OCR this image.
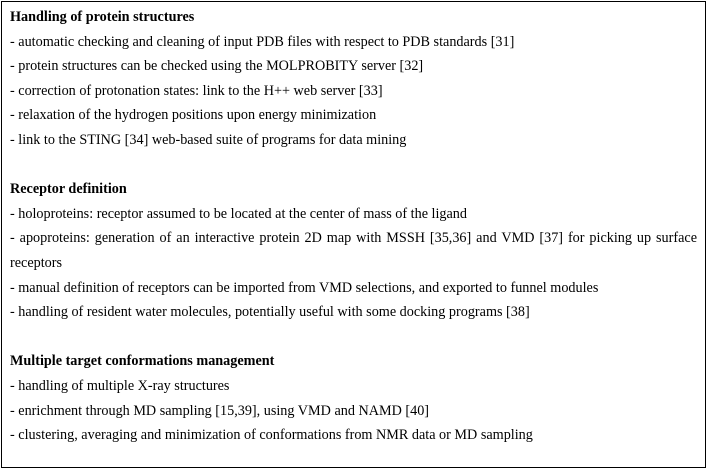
Handling of protein structures
- automatic checking and cleaning of input PDB files with respect to PDB standards [31]
- protein structures can be checked using the MOLPROBITY server [32]
- correction of protonation states: link to the H++ web server [33]
- relaxation of the hydrogen positions upon energy minimization
- link to the STING [34] web-based suite of programs for data mining
Receptor definition
- holoproteins: receptor assumed to be located at the center of mass of the ligand
- apoproteins: generation of an interactive protein 2D map with MSSH [35,36] and VMD [37] for picking up surface receptors
- manual definition of receptors can be imported from VMD selections, and exported to funnel modules
- handling of resident water molecules, potentially useful with some docking programs [38]
Multiple target conformations management
- handling of multiple X-ray structures
- enrichment through MD sampling [15,39], using VMD and NAMD [40]
- clustering, averaging and minimization of conformations from NMR data or MD sampling
